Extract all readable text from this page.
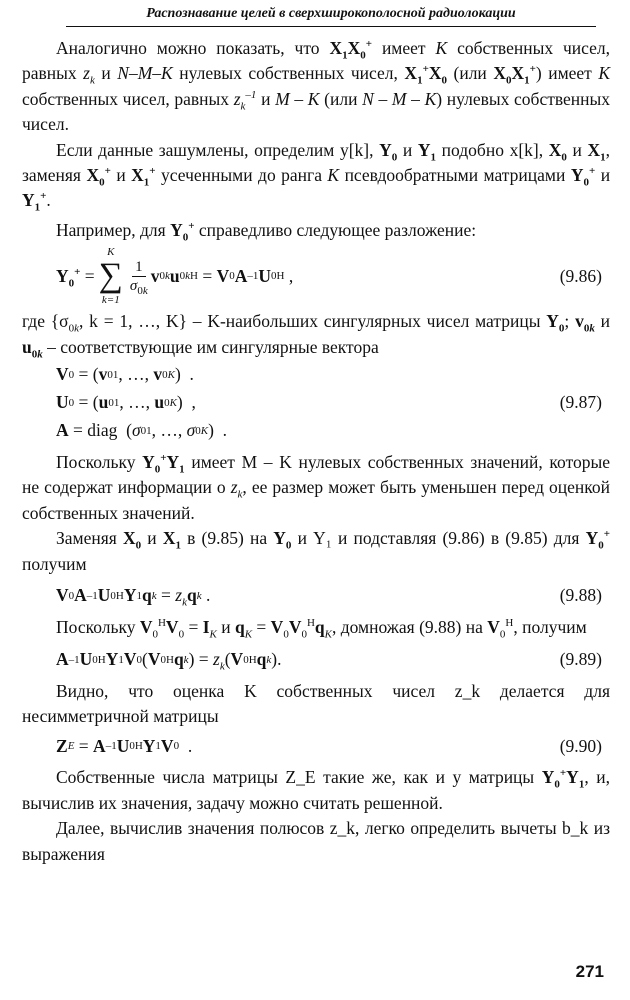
Распознавание целей в сверхширокополосной радиолокации

Аналогично можно показать, что $X_1X_0^+$ имеет K собственных чисел, равных $z_k$ и N–M–K нулевых собственных чисел, $X_1^+X_0$ (или $X_0X_1^+$) имеет K собственных чисел, равных $z_k^{-1}$ и M – K (или N – M – K) нулевых собственных чисел.

Если данные зашумлены, определим y[k], $Y_0$ и $Y_1$ подобно x[k], $X_0$ и $X_1$, заменяя $X_0^+$ и $X_1^+$ усеченными до ранга K псевдообратными матрицами $Y_0^+$ и $Y_1^+$.

Например, для $Y_0^+$ справедливо следующее разложение:

$Y_0^+$ =
K
∑
k=1
$\frac{1}{\sigma_{0k}}$ v 0k u 0k H = V 0 A –1 U 0 H ,	(9.86)

где {$\sigma_{0k}$, k = 1, …, K} – K-наибольших сингулярных чисел матрицы $Y_0$; $v_{0k}$ и $u_{0k}$ – соответствующие им сингулярные вектора

V 0 = ( v 01 , …, v 0K )  .
U 0 = ( u 01 , …, u 0K )  ,	(9.87)
A = diag  ( σ 01 , …, σ 0K )  .

Поскольку $Y_0^+Y_1$ имеет M – K нулевых собственных значений, которые не содержат информации о $z_k$, ее размер может быть уменьшен перед оценкой собственных значений.

Заменяя $X_0$ и $X_1$ в (9.85) на $Y_0$ и Y₁ и подставляя (9.86) в (9.85) для $Y_0^+$ получим

V 0 A –1 U 0 H Y 1 q $k = z_k$ q k .	(9.88)

Поскольку $V_0^HV_0 = I_K$ и $q_K = V_0V_0^Hq_K$, домножая (9.88) на $V_0^H$, получим

A –1 U 0 H Y 1 V 0 ( V 0 H q k ) = $z_k$ ( V 0 H q k ).	(9.89)

Видно, что оценка K собственных чисел z_k делается для несимметричной матрицы

Z E = A –1 U 0 H Y 1 V 0 .	(9.90)

Собственные числа матрицы Z_E такие же, как и у матрицы $Y_0^+Y_1$, и, вычислив их значения, задачу можно считать решенной.

Далее, вычислив значения полюсов z_k, легко определить вычеты b_k из выражения

271
